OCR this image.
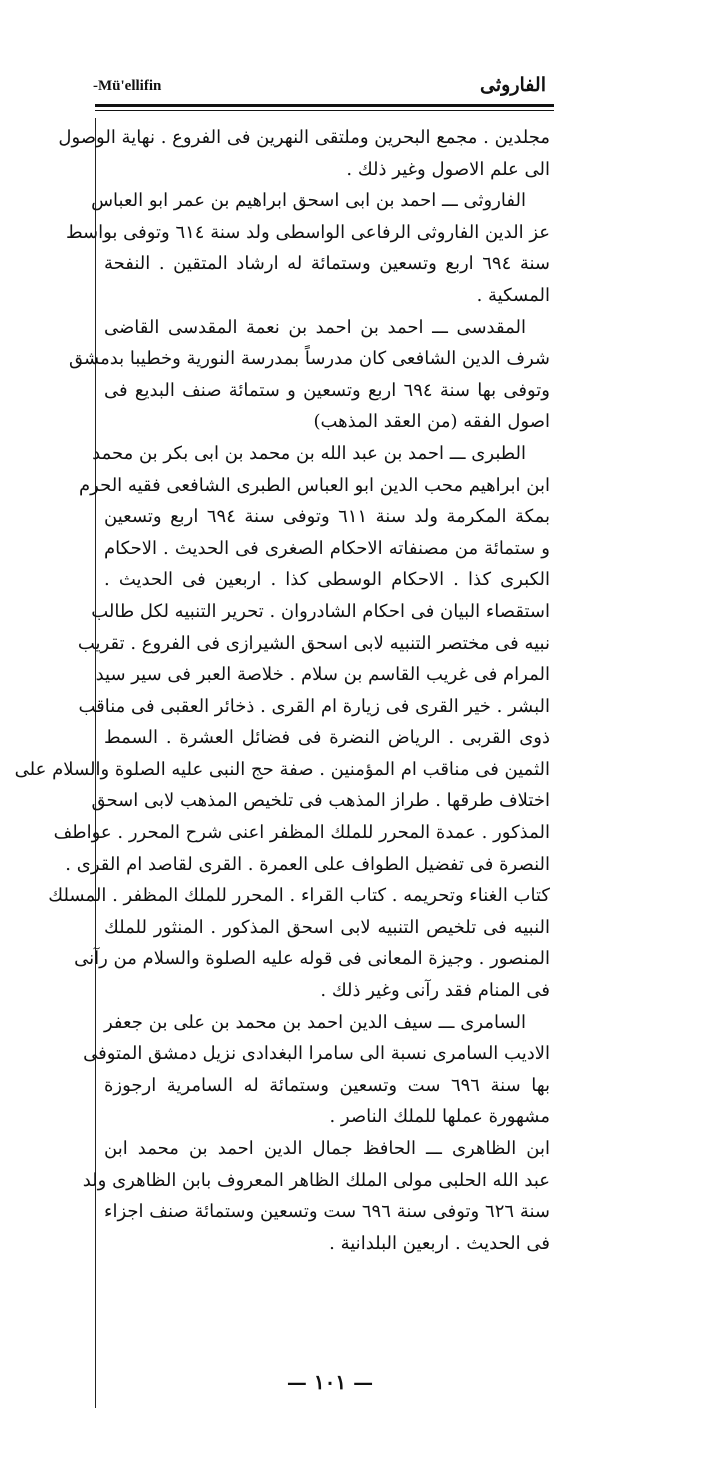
-Mü'ellifin	الفاروثى
مجلدين . مجمع البحرين وملتقى النهرين فى الفروع . نهاية الوصول
الى علم الاصول وغير ذلك .
الفاروثى ـــ احمد بن ابى اسحق ابراهيم بن عمر ابو العباس
عز الدين الفاروثى الرفاعى الواسطى ولد سنة ٦١٤ وتوفى بواسط
سنة ٦٩٤ اربع وتسعين وستمائة له ارشاد المتقين . النفحة
المسكية .
المقدسى ـــ احمد بن احمد بن نعمة المقدسى القاضى
شرف الدين الشافعى كان مدرساً بمدرسة النورية وخطيبا بدمشق
وتوفى بها سنة ٦٩٤ اربع وتسعين و ستمائة صنف البديع فى
اصول الفقه (من العقد المذهب)
الطبرى ـــ احمد بن عبد الله بن محمد بن ابى بكر بن محمد
ابن ابراهيم محب الدين ابو العباس الطبرى الشافعى فقيه الحرم
بمكة المكرمة ولد سنة ٦١١ وتوفى سنة ٦٩٤ اربع وتسعين
و ستمائة من مصنفاته الاحكام الصغرى فى الحديث . الاحكام
الكبرى كذا . الاحكام الوسطى كذا . اربعين فى الحديث .
استقصاء البيان فى احكام الشادروان . تحرير التنبيه لكل طالب
نبيه فى مختصر التنبيه لابى اسحق الشيرازى فى الفروع . تقريب
المرام فى غريب القاسم بن سلام . خلاصة العبر فى سير سيد
البشر . خير القرى فى زيارة ام القرى . ذخائر العقبى فى مناقب
ذوى القربى . الرياض النضرة فى فضائل العشرة . السمط
الثمين فى مناقب ام المؤمنين . صفة حج النبى عليه الصلوة والسلام على
اختلاف طرقها . طراز المذهب فى تلخيص المذهب لابى اسحق
المذكور . عمدة المحرر للملك المظفر اعنى شرح المحرر . عواطف
النصرة فى تفضيل الطواف على العمرة . القرى لقاصد ام القرى .
كتاب الغناء وتحريمه . كتاب القراء . المحرر للملك المظفر . المسلك
النبيه فى تلخيص التنبيه لابى اسحق المذكور . المنثور للملك
المنصور . وجيزة المعانى فى قوله عليه الصلوة والسلام من رآنى
فى المنام فقد رآنى وغير ذلك .
السامرى ـــ سيف الدين احمد بن محمد بن على بن جعفر
الاديب السامرى نسبة الى سامرا البغدادى نزيل دمشق المتوفى
بها سنة ٦٩٦ ست وتسعين وستمائة له السامرية ارجوزة
مشهورة عملها للملك الناصر .
ابن الظاهرى ـــ الحافظ جمال الدين احمد بن محمد ابن
عبد الله الحلبى مولى الملك الظاهر المعروف بابن الظاهرى ولد
سنة ٦٢٦ وتوفى سنة ٦٩٦ ست وتسعين وستمائة صنف اجزاء
فى الحديث . اربعين البلدانية .
— ١٠١ —
